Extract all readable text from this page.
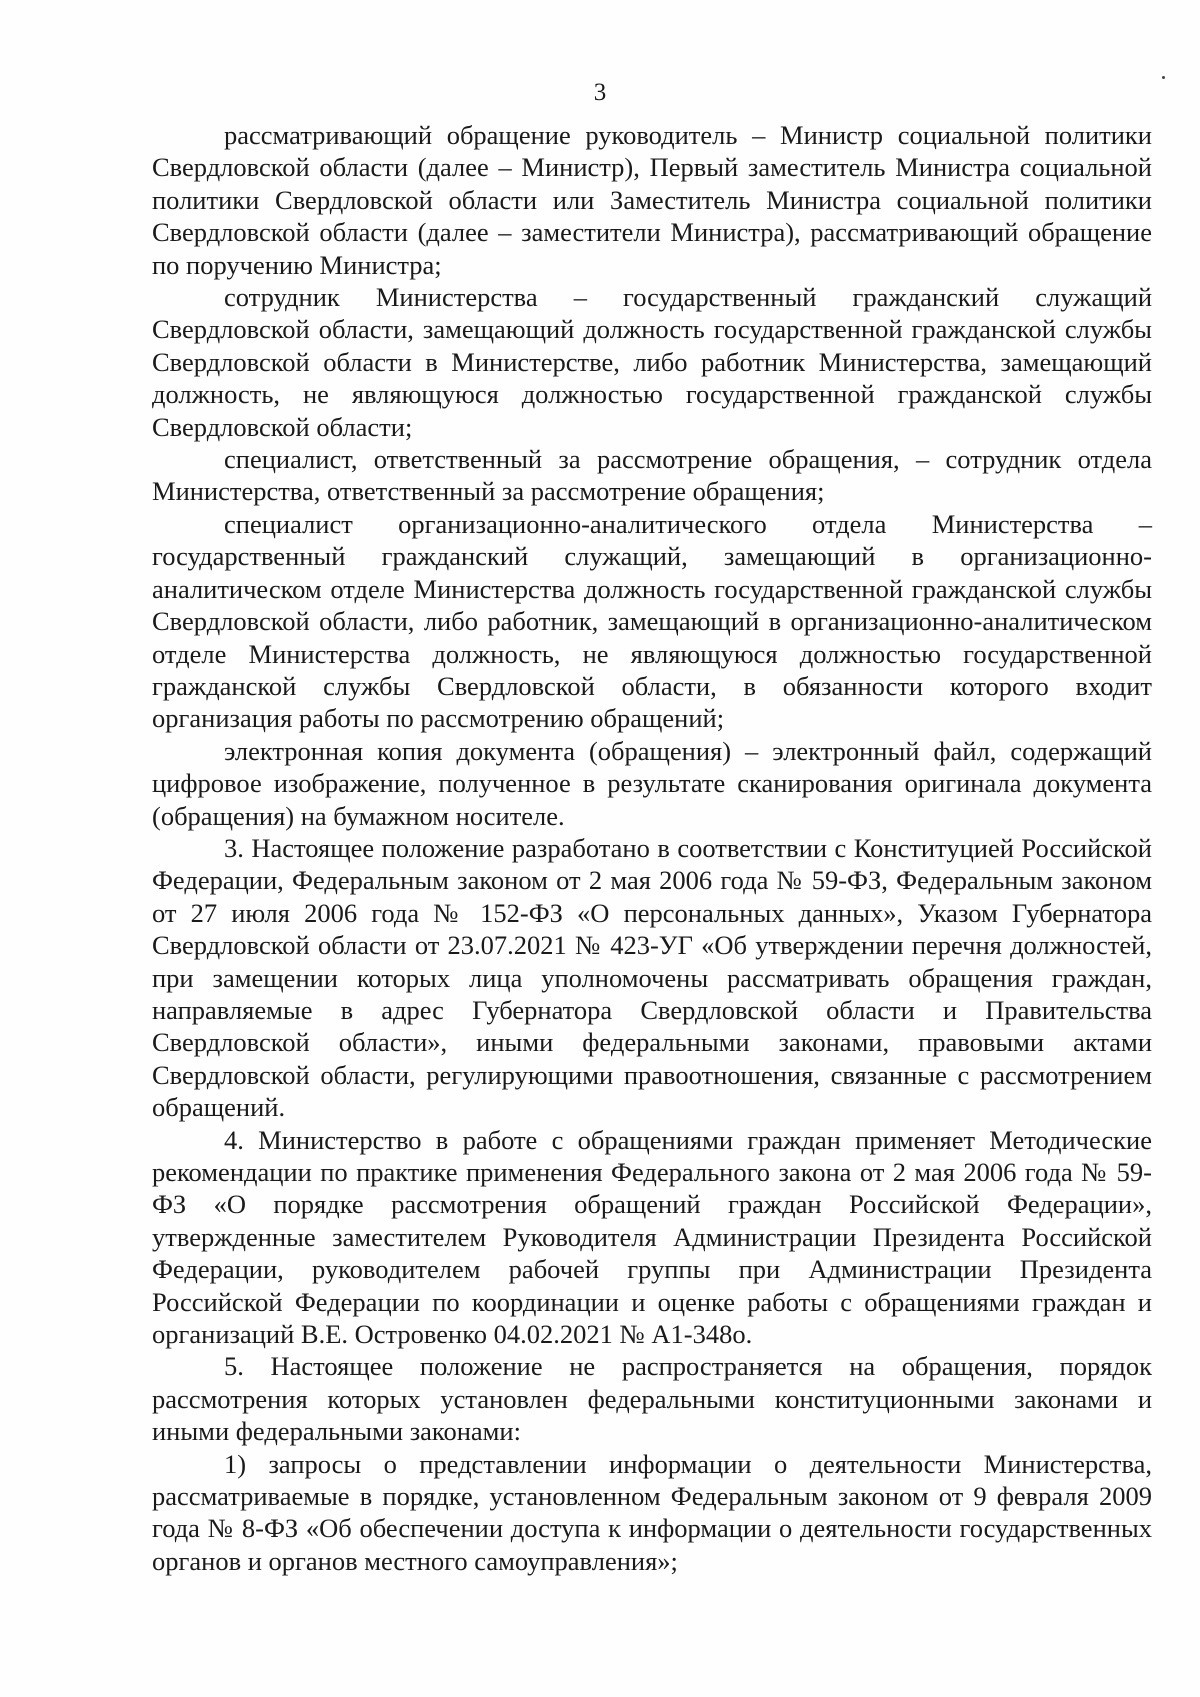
3

рассматривающий обращение руководитель – Министр социальной политики Свердловской области (далее – Министр), Первый заместитель Министра социальной политики Свердловской области или Заместитель Министра социальной политики Свердловской области (далее – заместители Министра), рассматривающий обращение по поручению Министра;

сотрудник Министерства – государственный гражданский служащий Свердловской области, замещающий должность государственной гражданской службы Свердловской области в Министерстве, либо работник Министерства, замещающий должность, не являющуюся должностью государственной гражданской службы Свердловской области;

специалист, ответственный за рассмотрение обращения, – сотрудник отдела Министерства, ответственный за рассмотрение обращения;

специалист организационно-аналитического отдела Министерства – государственный гражданский служащий, замещающий в организационно-аналитическом отделе Министерства должность государственной гражданской службы Свердловской области, либо работник, замещающий в организационно-аналитическом отделе Министерства должность, не являющуюся должностью государственной гражданской службы Свердловской области, в обязанности которого входит организация работы по рассмотрению обращений;

электронная копия документа (обращения) – электронный файл, содержащий цифровое изображение, полученное в результате сканирования оригинала документа (обращения) на бумажном носителе.

3. Настоящее положение разработано в соответствии с Конституцией Российской Федерации, Федеральным законом от 2 мая 2006 года № 59-ФЗ, Федеральным законом от 27 июля 2006 года № 152-ФЗ «О персональных данных», Указом Губернатора Свердловской области от 23.07.2021 № 423-УГ «Об утверждении перечня должностей, при замещении которых лица уполномочены рассматривать обращения граждан, направляемые в адрес Губернатора Свердловской области и Правительства Свердловской области», иными федеральными законами, правовыми актами Свердловской области, регулирующими правоотношения, связанные с рассмотрением обращений.

4. Министерство в работе с обращениями граждан применяет Методические рекомендации по практике применения Федерального закона от 2 мая 2006 года № 59-ФЗ «О порядке рассмотрения обращений граждан Российской Федерации», утвержденные заместителем Руководителя Администрации Президента Российской Федерации, руководителем рабочей группы при Администрации Президента Российской Федерации по координации и оценке работы с обращениями граждан и организаций В.Е. Островенко 04.02.2021 № А1-348о.

5. Настоящее положение не распространяется на обращения, порядок рассмотрения которых установлен федеральными конституционными законами и иными федеральными законами:

1) запросы о представлении информации о деятельности Министерства, рассматриваемые в порядке, установленном Федеральным законом от 9 февраля 2009 года № 8-ФЗ «Об обеспечении доступа к информации о деятельности государственных органов и органов местного самоуправления»;
